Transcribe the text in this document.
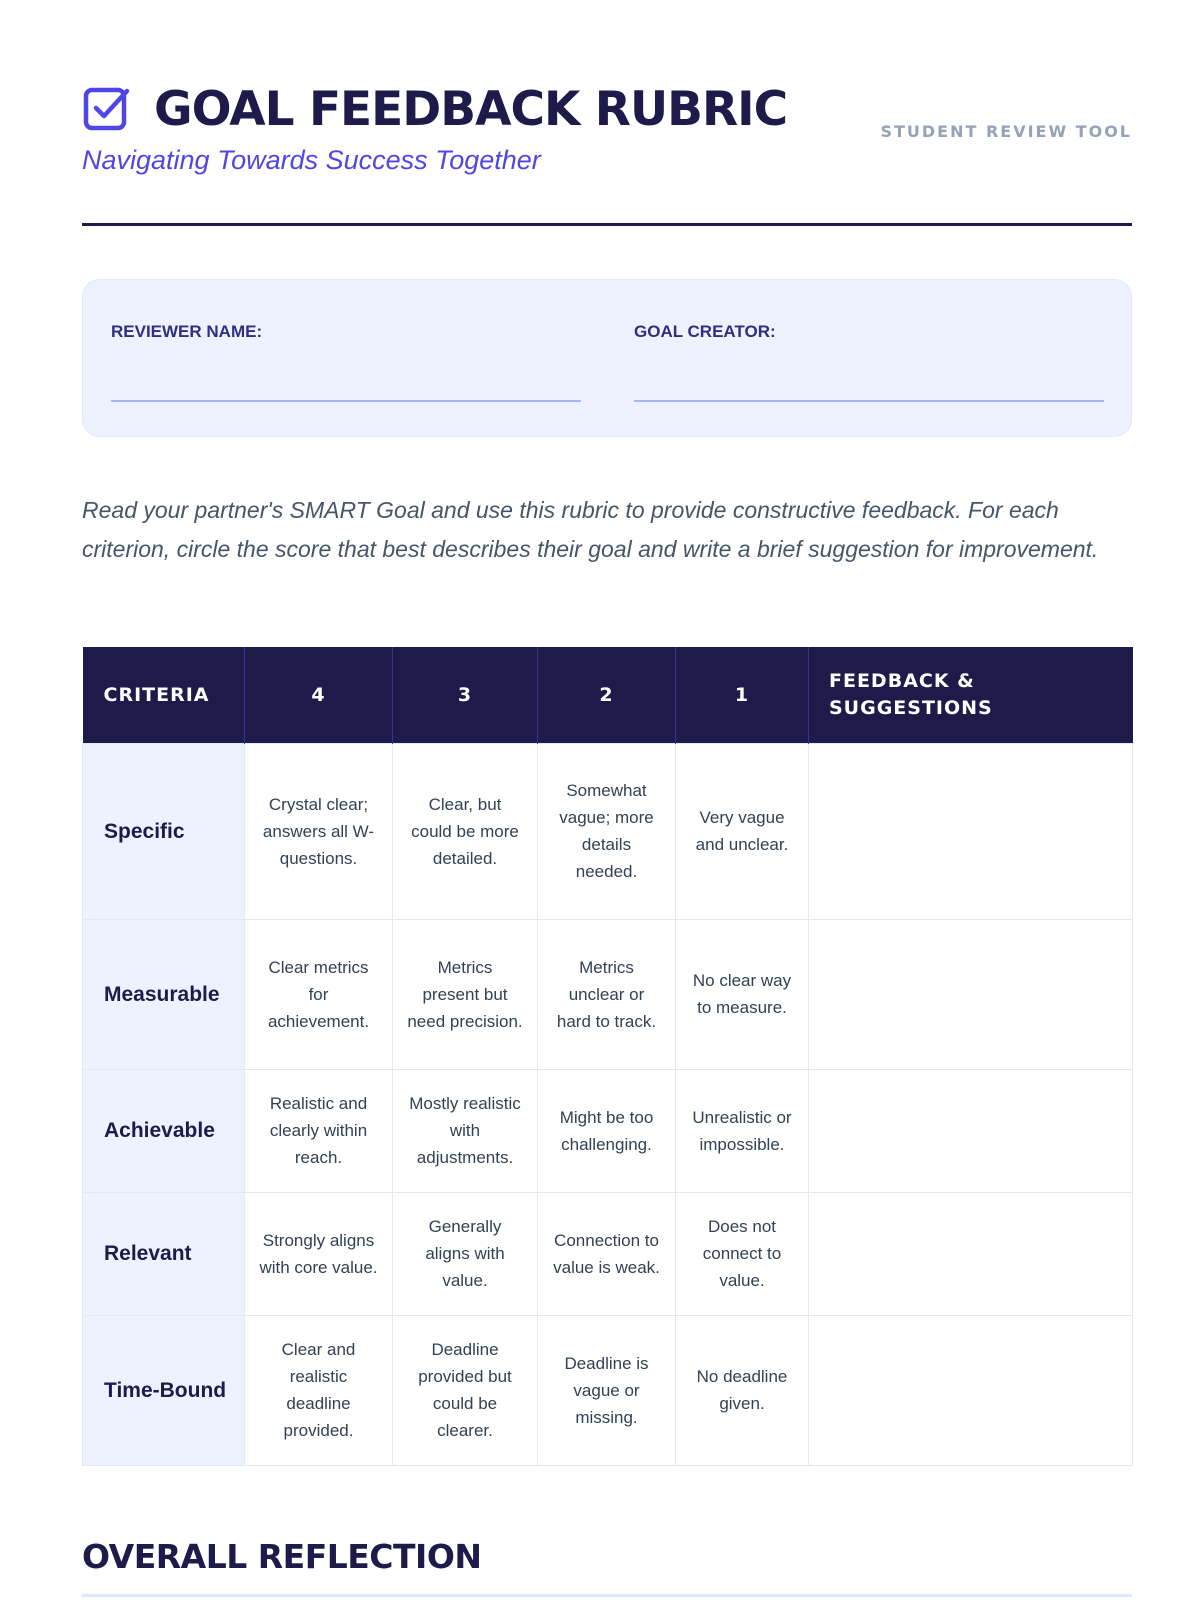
GOAL FEEDBACK RUBRIC
Navigating Towards Success Together
STUDENT REVIEW TOOL
REVIEWER NAME:	GOAL CREATOR:

Read your partner's SMART Goal and use this rubric to provide constructive feedback. For each criterion, circle the score that best describes their goal and write a brief suggestion for improvement.

CRITERIA	4	3	2	1	FEEDBACK & SUGGESTIONS
Specific	Crystal clear; answers all W-questions.	Clear, but could be more detailed.	Somewhat vague; more details needed.	Very vague and unclear.	
Measurable	Clear metrics for achievement.	Metrics present but need precision.	Metrics unclear or hard to track.	No clear way to measure.	
Achievable	Realistic and clearly within reach.	Mostly realistic with adjustments.	Might be too challenging.	Unrealistic or impossible.	
Relevant	Strongly aligns with core value.	Generally aligns with value.	Connection to value is weak.	Does not connect to value.	
Time-Bound	Clear and realistic deadline provided.	Deadline provided but could be clearer.	Deadline is vague or missing.	No deadline given.	
OVERALL REFLECTION
